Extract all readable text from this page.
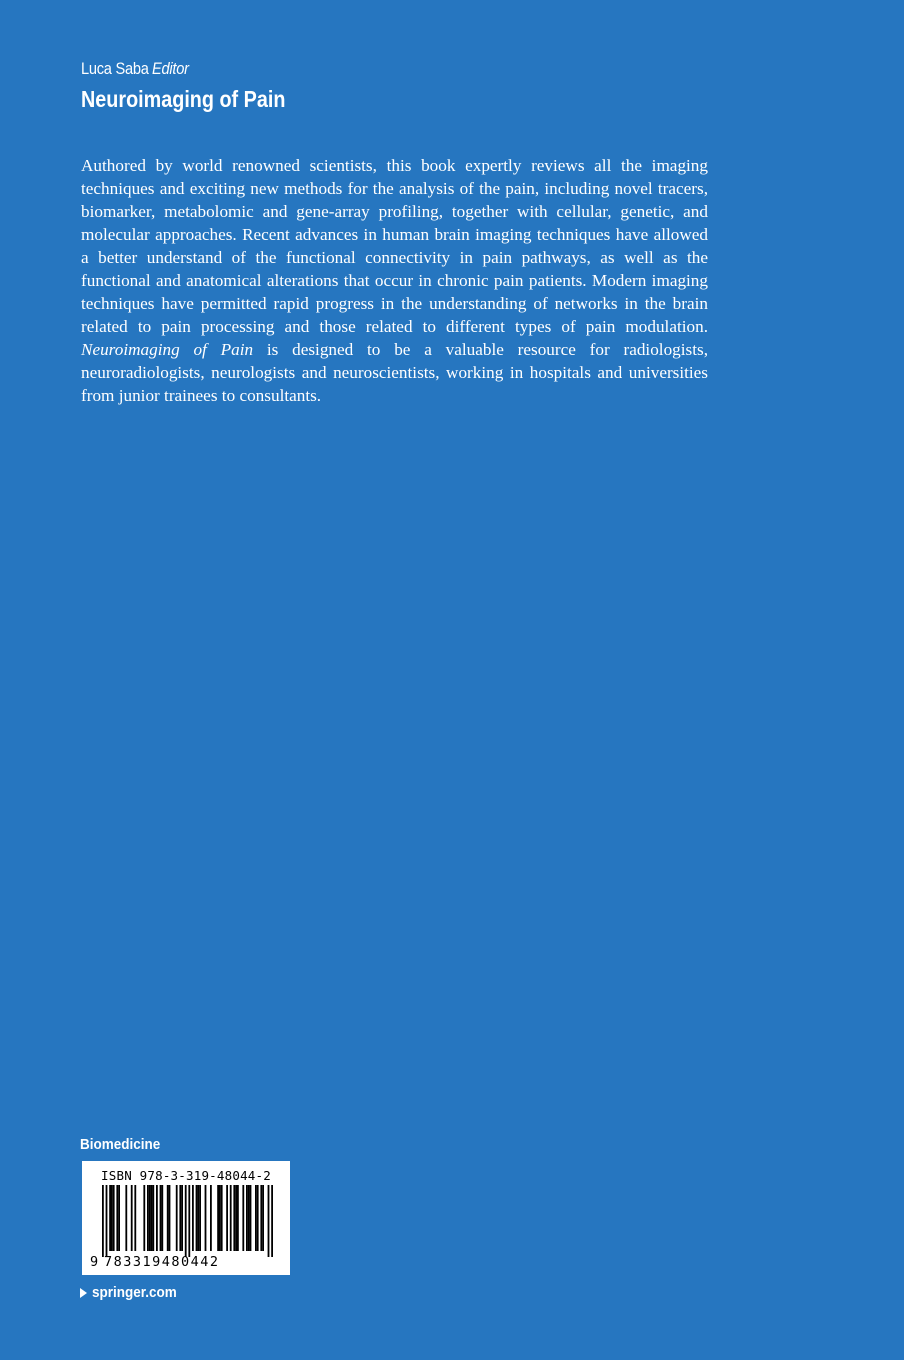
Luca Saba Editor
Neuroimaging of Pain

Authored by world renowned scientists, this book expertly reviews all the imaging techniques and exciting new methods for the analysis of the pain, including novel tracers, biomarker, metabolomic and gene-array profiling, together with cellular, genetic, and molecular approaches. Recent advances in human brain imaging techniques have allowed a better understand of the functional connectivity in pain pathways, as well as the functional and anatomical alterations that occur in chronic pain patients. Modern imaging techniques have permitted rapid progress in the understanding of networks in the brain related to pain processing and those related to different types of pain modulation. Neuroimaging of Pain is designed to be a valuable resource for radiologists, neuroradiologists, neurologists and neuroscientists, working in hospitals and universities from junior trainees to consultants.

Biomedicine
ISBN 978-3-319-48044-2
9 783319480442
springer.com
